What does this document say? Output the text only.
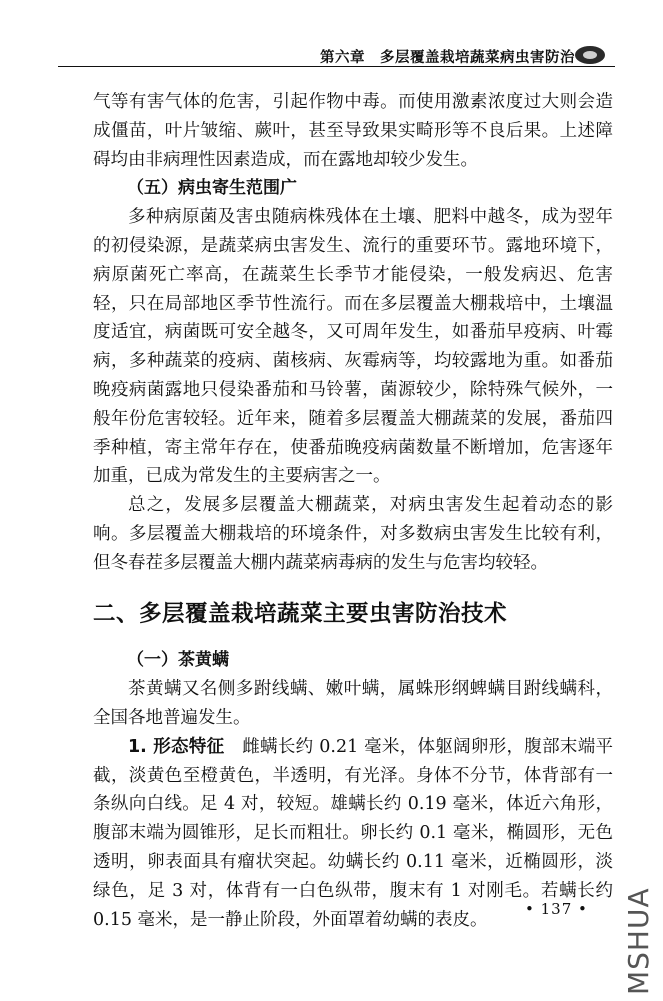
第六章　多层覆盖栽培蔬菜病虫害防治

气等有害气体的危害，引起作物中毒。而使用激素浓度过大则会造成僵苗，叶片皱缩、蕨叶，甚至导致果实畸形等不良后果。上述障碍均由非病理性因素造成，而在露地却较少发生。

（五）病虫寄生范围广

多种病原菌及害虫随病株残体在土壤、肥料中越冬，成为翌年的初侵染源，是蔬菜病虫害发生、流行的重要环节。露地环境下，病原菌死亡率高，在蔬菜生长季节才能侵染，一般发病迟、危害轻，只在局部地区季节性流行。而在多层覆盖大棚栽培中，土壤温度适宜，病菌既可安全越冬，又可周年发生，如番茄早疫病、叶霉病，多种蔬菜的疫病、菌核病、灰霉病等，均较露地为重。如番茄晚疫病菌露地只侵染番茄和马铃薯，菌源较少，除特殊气候外，一般年份危害较轻。近年来，随着多层覆盖大棚蔬菜的发展，番茄四季种植，寄主常年存在，使番茄晚疫病菌数量不断增加，危害逐年加重，已成为常发生的主要病害之一。

总之，发展多层覆盖大棚蔬菜，对病虫害发生起着动态的影响。多层覆盖大棚栽培的环境条件，对多数病虫害发生比较有利，但冬春茬多层覆盖大棚内蔬菜病毒病的发生与危害均较轻。

二、多层覆盖栽培蔬菜主要虫害防治技术

（一）茶黄螨

茶黄螨又名侧多跗线螨、嫩叶螨，属蛛形纲蜱螨目跗线螨科，全国各地普遍发生。

1. 形态特征　雌螨长约 0.21 毫米，体躯阔卵形，腹部末端平截，淡黄色至橙黄色，半透明，有光泽。身体不分节，体背部有一条纵向白线。足 4 对，较短。雄螨长约 0.19 毫米，体近六角形，腹部末端为圆锥形，足长而粗壮。卵长约 0.1 毫米，椭圆形，无色透明，卵表面具有瘤状突起。幼螨长约 0.11 毫米，近椭圆形，淡绿色，足 3 对，体背有一白色纵带，腹末有 1 对刚毛。若螨长约 0.15 毫米，是一静止阶段，外面罩着幼螨的表皮。

• 137 • MSHUA
